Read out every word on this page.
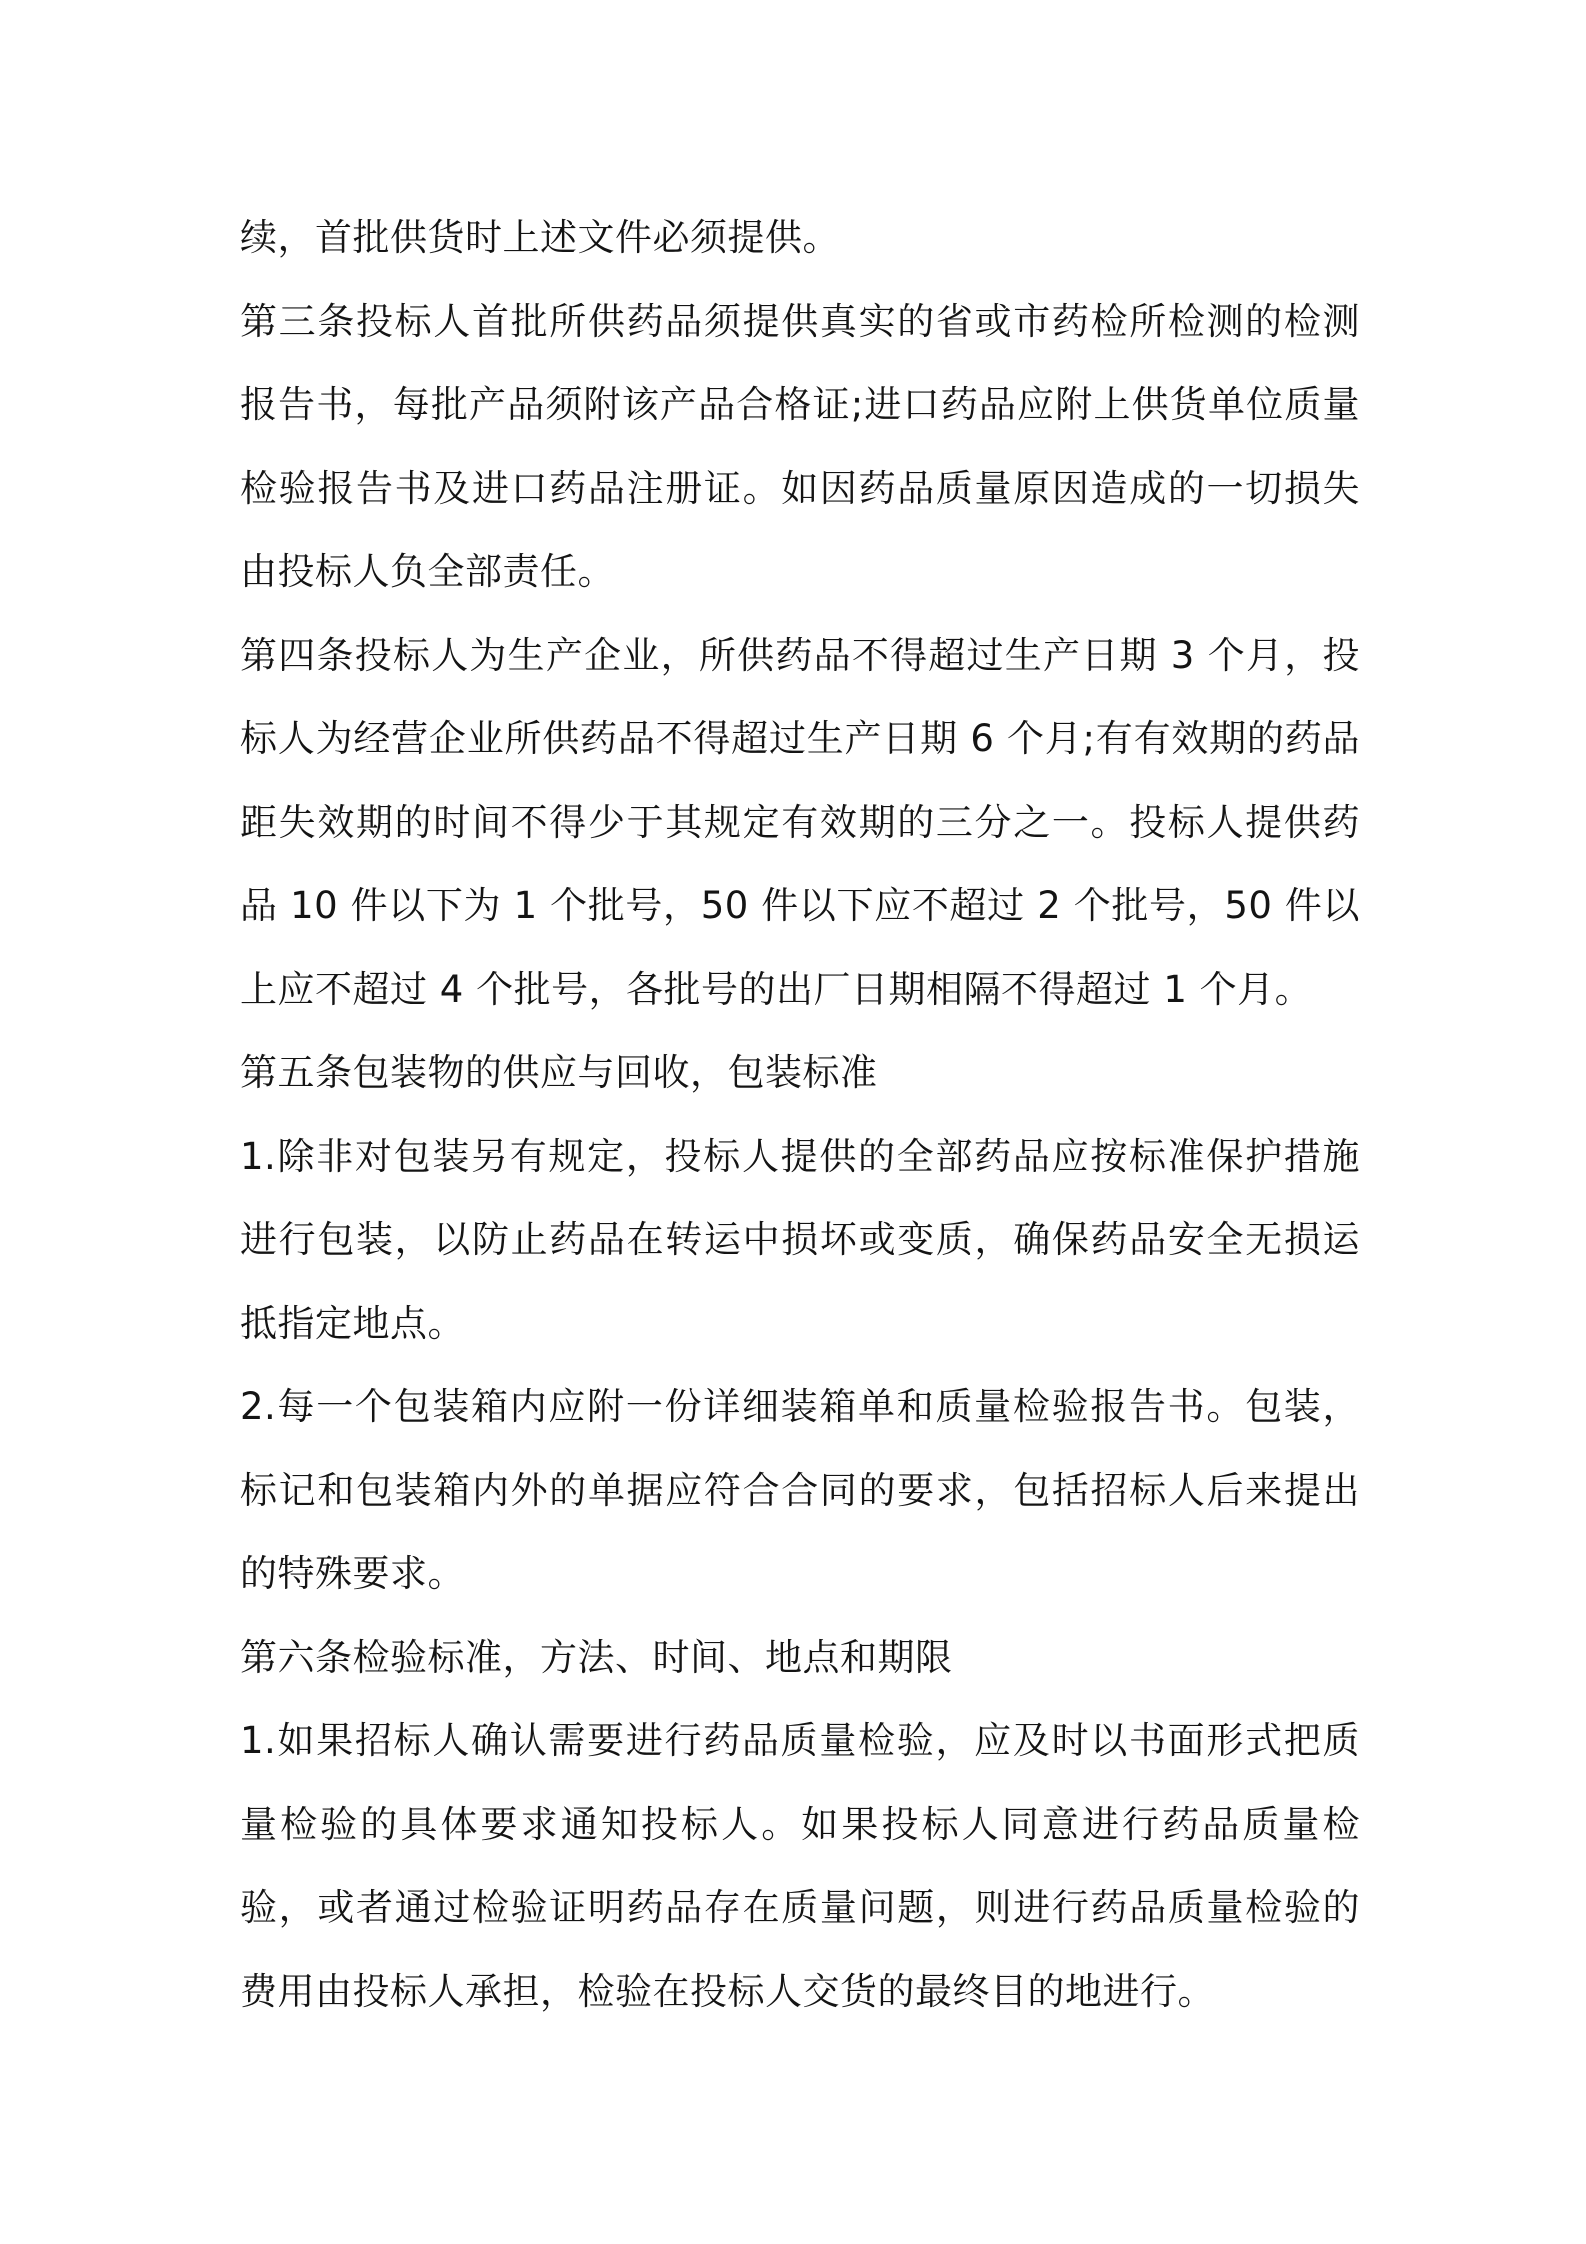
续，首批供货时上述文件必须提供。

第三条投标人首批所供药品须提供真实的省或市药检所检测的检测报告书，每批产品须附该产品合格证;进口药品应附上供货单位质量检验报告书及进口药品注册证。如因药品质量原因造成的一切损失由投标人负全部责任。

第四条投标人为生产企业，所供药品不得超过生产日期 3 个月，投标人为经营企业所供药品不得超过生产日期 6 个月;有有效期的药品距失效期的时间不得少于其规定有效期的三分之一。投标人提供药品 10 件以下为 1 个批号，50 件以下应不超过 2 个批号，50 件以上应不超过 4 个批号，各批号的出厂日期相隔不得超过 1 个月。

第五条包装物的供应与回收，包装标准

1.除非对包装另有规定，投标人提供的全部药品应按标准保护措施进行包装，以防止药品在转运中损坏或变质，确保药品安全无损运抵指定地点。

2.每一个包装箱内应附一份详细装箱单和质量检验报告书。包装，标记和包装箱内外的单据应符合合同的要求，包括招标人后来提出的特殊要求。

第六条检验标准，方法、时间、地点和期限

1.如果招标人确认需要进行药品质量检验，应及时以书面形式把质量检验的具体要求通知投标人。如果投标人同意进行药品质量检验，或者通过检验证明药品存在质量问题，则进行药品质量检验的费用由投标人承担，检验在投标人交货的最终目的地进行。
